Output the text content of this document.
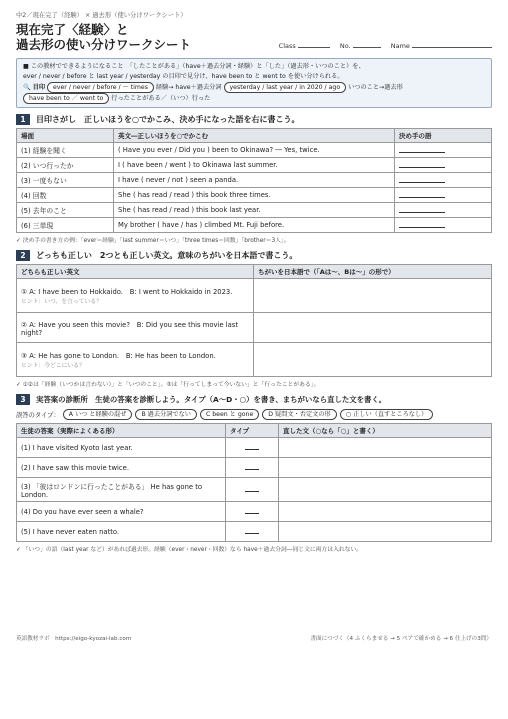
中2／現在完了（経験） × 過去形（使い分けワークシート）
現在完了〈経験〉と
過去形の使い分けワークシート	Class	No.	Name
■ この教材でできるようになること　「したことがある」（have＋過去分詞・経験）と「した」（過去形・いつのこと）を、
ever / never / before と last year / yesterday の目印で見分け、have been to と went to を使い分けられる。
🔍 目印 ever / never / before / ～ times 経験→ have＋過去分詞 yesterday / last year / in 2020 / ago いつのこと→過去形 have been to ／ went to 行ったことがある／（いつ）行った
1	目印さがし　正しいほうを○でかこみ、決め手になった語を右に書こう。
場面	英文―正しいほうを○でかこむ	決め手の語
(1) 経験を聞く	( Have you ever / Did you ) been to Okinawa? ― Yes, twice.	
(2) いつ行ったか	I ( have been / went ) to Okinawa last summer.	
(3) 一度もない	I have ( never / not ) seen a panda.	
(4) 回数	She ( has read / read ) this book three times.	
(5) 去年のこと	She ( has read / read ) this book last year.	
(6) 三単現	My brother ( have / has ) climbed Mt. Fuji before.	
✓ 決め手の書き方の例：「ever＝経験」「last summer＝いつ」「three times＝回数」「brother＝3人」。
2	どっちも正しい　2つとも正しい英文。意味のちがいを日本語で書こう。
どちらも正しい英文	ちがいを日本語で（「Aは～、Bは～」の形で）

① A: I have been to Hokkaido.　B: I went to Hokkaido in 2023.
ヒント：いつ、を言っている？	

② A: Have you seen this movie?　B: Did you see this movie last night?	

③ A: He has gone to London.　B: He has been to London.
ヒント：今どこにいる？	

✓ ①②は「経験（いつかは言わない）」と「いつのこと」。③は「行ってしまって今いない」と「行ったことがある」。
3	実答案の診断所　生徒の答案を診断しよう。タイプ（A～D・○）を書き、まちがいなら直した文を書く。
誤答のタイプ：	A いつ と経験の混ぜ	B 過去分詞でない	C been と gone	D 疑問文・否定文の形	○ 正しい（直すところなし）
生徒の答案（実際によくある形）	タイプ	直した文（○なら「○」と書く）
(1) I have visited Kyoto last year.		
(2) I have saw this movie twice.		
(3) 「彼はロンドンに行ったことがある」 He has gone to London.		
(4) Do you have ever seen a whale?		
(5) I have never eaten natto.		
✓ 「いつ」の語（last year など）があれば過去形。経験（ever・never・回数）なら have＋過去分詞―同じ文に両方は入れない。
英語教材ラボ　https://eigo-kyozai-lab.com	書面につづく（4 ふくらませる → 5 ペアで確かめる → 6 仕上げの3問）
